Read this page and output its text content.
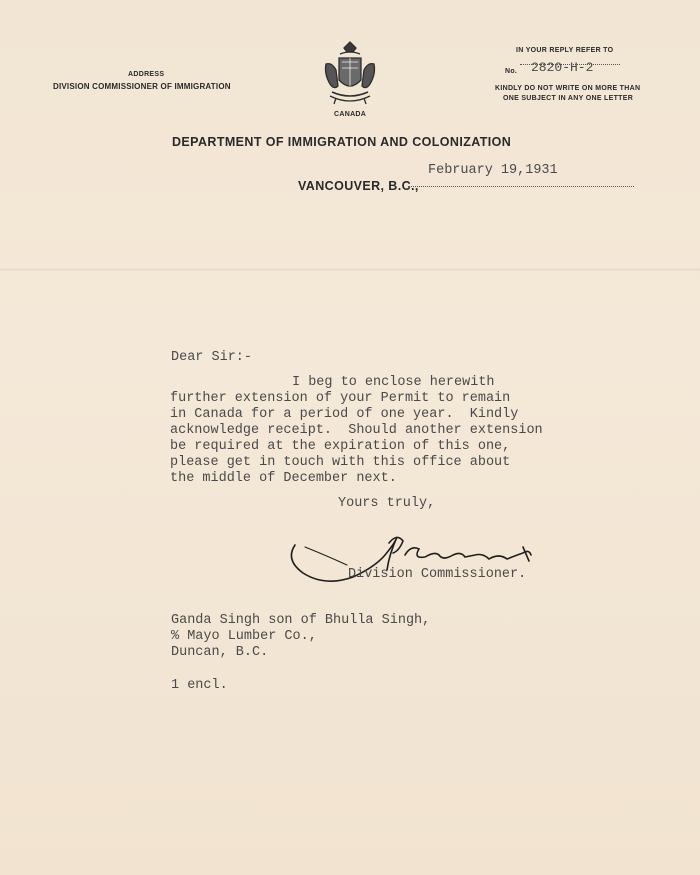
ADDRESS
DIVISION COMMISSIONER OF IMMIGRATION
CANADA
IN YOUR REPLY REFER TO
No. 2820-H-2
KINDLY DO NOT WRITE ON MORE THAN
ONE SUBJECT IN ANY ONE LETTER
DEPARTMENT OF IMMIGRATION AND COLONIZATION
VANCOUVER, B.C.,
February 19,1931
Dear Sir:-
I beg to enclose herewith
further extension of your Permit to remain
in Canada for a period of one year.  Kindly
acknowledge receipt.  Should another extension
be required at the expiration of this one,
please get in touch with this office about
the middle of December next.
Yours truly,
Division Commissioner.
Ganda Singh son of Bhulla Singh,
% Mayo Lumber Co.,
Duncan, B.C.
1 encl.
